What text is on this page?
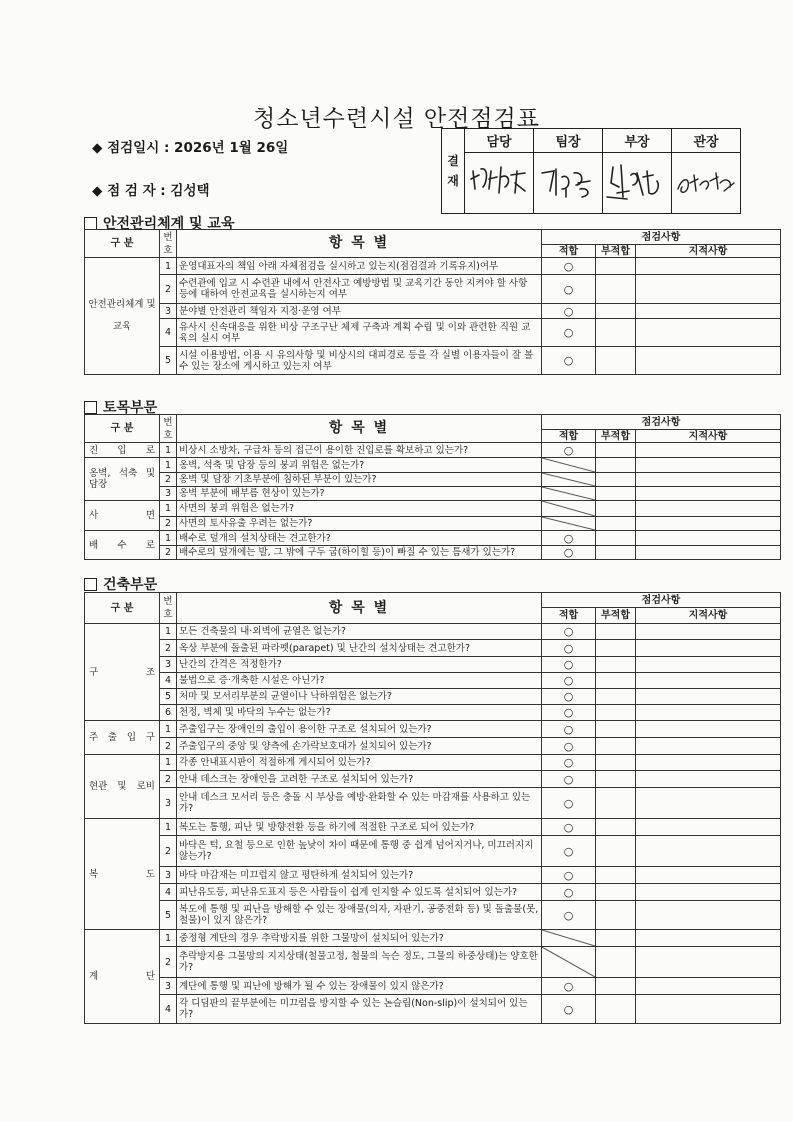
청소년수련시설 안전점검표
◆ 점검일시 : 2026년 1월 26일
◆ 점 검 자 : 김성택
결재	담당	팀장	부장	관장

안전관리체계 및 교육
구 분	번호	항 목 별	점검사항		
			적합	부적합	지적사항
안전관리체계 및 교육	1	운영대표자의 책임 아래 자체점검을 실시하고 있는지(점검결과 기록유지)여부	○		
	2	수련관에 입교 시 수련관 내에서 안전사고 예방방법 및 교육기간 동안 지켜야 할 사항 등에 대하여 안전교육을 실시하는지 여부	○		
	3	분야별 안전관리 책임자 지정·운영 여부	○		
	4	유사시 신속대응을 위한 비상 구조구난 체제 구축과 계획 수립 및 이와 관련한 직원 교육의 실시 여부	○		
	5	시설 이용방법, 이용 시 유의사항 및 비상시의 대피경로 등을 각 실별 이용자들이 잘 볼 수 있는 장소에 게시하고 있는지 여부	○		
토목부문
구 분	번호	항 목 별	점검사항		
			적합	부적합	지적사항
진 입 로	1	비상시 소방차, 구급차 등의 접근이 용이한 진입로를 확보하고 있는가?	○		
옹벽, 석축 및 담장	1	옹벽, 석축 및 담장 등의 붕괴 위험은 없는가?	

	2	옹벽 및 담장 기초부분에 침하된 부분이 있는가?	

	3	옹벽 부분에 배부름 현상이 있는가?	

사 면	1	사면의 붕괴 위험은 없는가?	

	2	사면의 토사유출 우려는 없는가?	

배 수 로	1	배수로 덮개의 설치상태는 견고한가?	○		
	2	배수로의 덮개에는 발, 그 밖에 구두 굽(하이힐 등)이 빠질 수 있는 틈새가 있는가?	○		
건축부문
구 분	번호	항 목 별	점검사항		
			적합	부적합	지적사항
구 조	1	모든 건축물의 내·외벽에 균열은 없는가?	○		
	2	옥상 부분에 돌출된 파라펫(parapet) 및 난간의 설치상태는 견고한가?	○		
	3	난간의 간격은 적정한가?	○		
	4	불법으로 증·개축한 시설은 아닌가?	○		
	5	처마 및 모서리부분의 균열이나 낙하위험은 없는가?	○		
	6	천정, 벽체 및 바닥의 누수는 없는가?	○		
주 출 입 구	1	주출입구는 장애인의 출입이 용이한 구조로 설치되어 있는가?	○		
	2	주출입구의 중앙 및 양측에 손가락보호대가 설치되어 있는가?	○		
현관 및 로비	1	각종 안내표시판이 적절하게 게시되어 있는가?	○		
	2	안내 데스크는 장애인을 고려한 구조로 설치되어 있는가?	○		
	3	안내 데스크 모서리 등은 충돌 시 부상을 예방·완화할 수 있는 마감재를 사용하고 있는가?	○		
복 도	1	복도는 통행, 피난 및 방향전환 등을 하기에 적절한 구조로 되어 있는가?	○		
	2	바닥은 턱, 요철 등으로 인한 높낮이 차이 때문에 통행 중 쉽게 넘어지거나, 미끄러지지 않는가?	○		
	3	바닥 마감재는 미끄럽지 않고 평탄하게 설치되어 있는가?	○		
	4	피난유도등, 피난유도표지 등은 사람들이 쉽게 인지할 수 있도록 설치되어 있는가?	○		
	5	복도에 통행 및 피난을 방해할 수 있는 장애물(의자, 자판기, 공중전화 등) 및 돌출물(못, 철물)이 있지 않은가?	○		
계 단	1	중정형 계단의 경우 추락방지를 위한 그물망이 설치되어 있는가?	

	2	추락방지용 그물망의 지지상태(철물고정, 철물의 녹슨 정도, 그물의 하중상태)는 양호한가?	

	3	계단에 통행 및 피난에 방해가 될 수 있는 장애물이 있지 않은가?	○		
	4	각 디딤판의 끝부분에는 미끄럼을 방지할 수 있는 논슬립(Non-slip)이 설치되어 있는가?	○		
